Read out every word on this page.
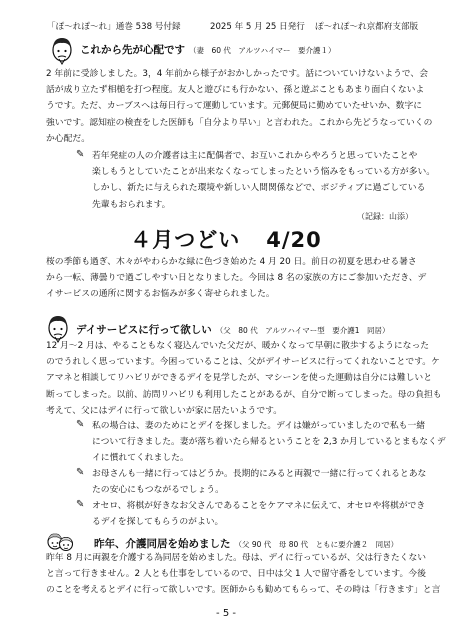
「ぽ～れぽ～れ」通巻 538 号付録	2025 年 5 月 25 日発行 ぽ～れぽ～れ京都府支部版
これから先が心配です （妻　60 代　アルツハイマー　要介護１）
2 年前に受診しました。3，4 年前から様子がおかしかったです。話についていけないようで、会
話が成り立たず相槌を打つ程度。友人と遊びにも行かない、孫と遊ぶこともあまり面白くないよ
うです。ただ、カーブスへは毎日行って運動しています。元郵便局に勤めていたせいか、数字に
強いです。認知症の検査をした医師も「自分より早い」と言われた。これから先どうなっていくの
か心配だ。
✎ 若年発症の人の介護者は主に配偶者で、お互いこれからやろうと思っていたことや
楽しもうとしていたことが出来なくなってしまったという悩みをもっている方が多い。
しかし、新たに与えられた環境や新しい人間関係などで、ポジティブに過ごしている
先輩もおられます。
（記録：山添）
４月つどい 4/20
桜の季節も過ぎ、木々がやわらかな緑に色づき始めた 4 月 20 日。前日の初夏を思わせる暑さ
から一転、薄曇りで過ごしやすい日となりました。今回は 8 名の家族の方にご参加いただき、デ
イサービスの通所に関するお悩みが多く寄せられました。
デイサービスに行って欲しい （父　80 代　アルツハイマー型　要介護1　同居）
12 月～2 月は、やることもなく寝込んでいた父だが、暖かくなって早朝に散歩するようになった
のでうれしく思っています。今困っていることは、父がデイサービスに行ってくれないことです。ケ
アマネと相談してリハビリができるデイを見学したが、マシーンを使った運動は自分には難しいと
断ってしまった。以前、訪問リハビリも利用したことがあるが、自分で断ってしまった。母の負担も
考えて、父にはデイに行って欲しいが家に居たいようです。
✎ 私の場合は、妻のためにとデイを探しました。デイは嫌がっていましたので私も一緒
について行きました。妻が落ち着いたら帰るということを 2,3 か月しているとまもなくデ
イに慣れてくれました。
✎ お母さんも一緒に行ってはどうか。長期的にみると両親で一緒に行ってくれるとあな
たの安心にもつながるでしょう。
✎ オセロ、将棋が好きなお父さんであることをケアマネに伝えて、オセロや将棋ができ
るデイを探してもらうのがよい。
昨年、介護同居を始めました （父 90 代　母 80 代　ともに要介護２　同居）
昨年 8 月に両親を介護する為同居を始めました。母は、デイに行っているが、父は行きたくない
と言って行きません。2 人とも仕事をしているので、日中は父 1 人で留守番をしています。今後
のことを考えるとデイに行って欲しいです。医師からも勧めてもらって、その時は「行きます」と言
- 5 -
